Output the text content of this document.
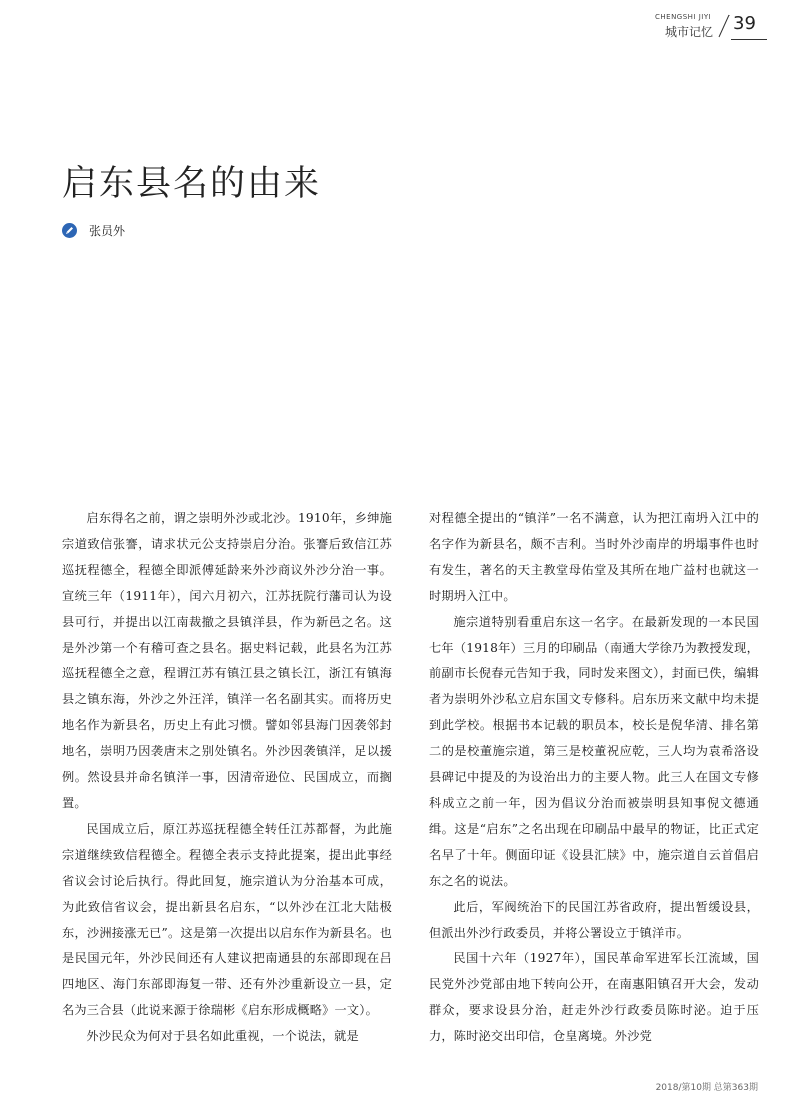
CHENGSHI JIYI
城市记忆 39
启东县名的由来
张员外

启东得名之前，谓之崇明外沙或北沙。1910年，乡绅施宗道致信张謇，请求状元公支持崇启分治。张謇后致信江苏巡抚程德全，程德全即派傅延龄来外沙商议外沙分治一事。宣统三年（1911年），闰六月初六，江苏抚院行藩司认为设县可行，并提出以江南裁撤之县镇洋县，作为新邑之名。这是外沙第一个有稽可查之县名。据史料记载，此县名为江苏巡抚程德全之意，程谓江苏有镇江县之镇长江，浙江有镇海县之镇东海，外沙之外汪洋，镇洋一名名副其实。而将历史地名作为新县名，历史上有此习惯。譬如邻县海门因袭邻封地名，崇明乃因袭唐末之别处镇名。外沙因袭镇洋，足以援例。然设县并命名镇洋一事，因清帝逊位、民国成立，而搁置。

民国成立后，原江苏巡抚程德全转任江苏都督，为此施宗道继续致信程德全。程德全表示支持此提案，提出此事经省议会讨论后执行。得此回复，施宗道认为分治基本可成，为此致信省议会，提出新县名启东，“以外沙在江北大陆极东，沙洲接涨无已”。这是第一次提出以启东作为新县名。也是民国元年，外沙民间还有人建议把南通县的东部即现在吕四地区、海门东部即海复一带、还有外沙重新设立一县，定名为三合县（此说来源于徐瑞彬《启东形成概略》一文）。

外沙民众为何对于县名如此重视，一个说法，就是

对程德全提出的“镇洋”一名不满意，认为把江南坍入江中的名字作为新县名，颇不吉利。当时外沙南岸的坍塌事件也时有发生，著名的天主教堂母佑堂及其所在地广益村也就这一时期坍入江中。

施宗道特别看重启东这一名字。在最新发现的一本民国七年（1918年）三月的印刷品（南通大学徐乃为教授发现，前副市长倪春元告知于我，同时发来图文），封面已佚，编辑者为崇明外沙私立启东国文专修科。启东历来文献中均未提到此学校。根据书本记载的职员本，校长是倪华清、排名第二的是校董施宗道，第三是校董祝应乾，三人均为袁希洛设县碑记中提及的为设治出力的主要人物。此三人在国文专修科成立之前一年，因为倡议分治而被崇明县知事倪文德通缉。这是“启东”之名出现在印刷品中最早的物证，比正式定名早了十年。侧面印证《设县汇牍》中，施宗道自云首倡启东之名的说法。

此后，军阀统治下的民国江苏省政府，提出暂缓设县，但派出外沙行政委员，并将公署设立于镇洋市。

民国十六年（1927年），国民革命军进军长江流域，国民党外沙党部由地下转向公开，在南惠阳镇召开大会，发动群众，要求设县分治，赶走外沙行政委员陈时泌。迫于压力，陈时泌交出印信，仓皇离境。外沙党

2018/第10期 总第363期
